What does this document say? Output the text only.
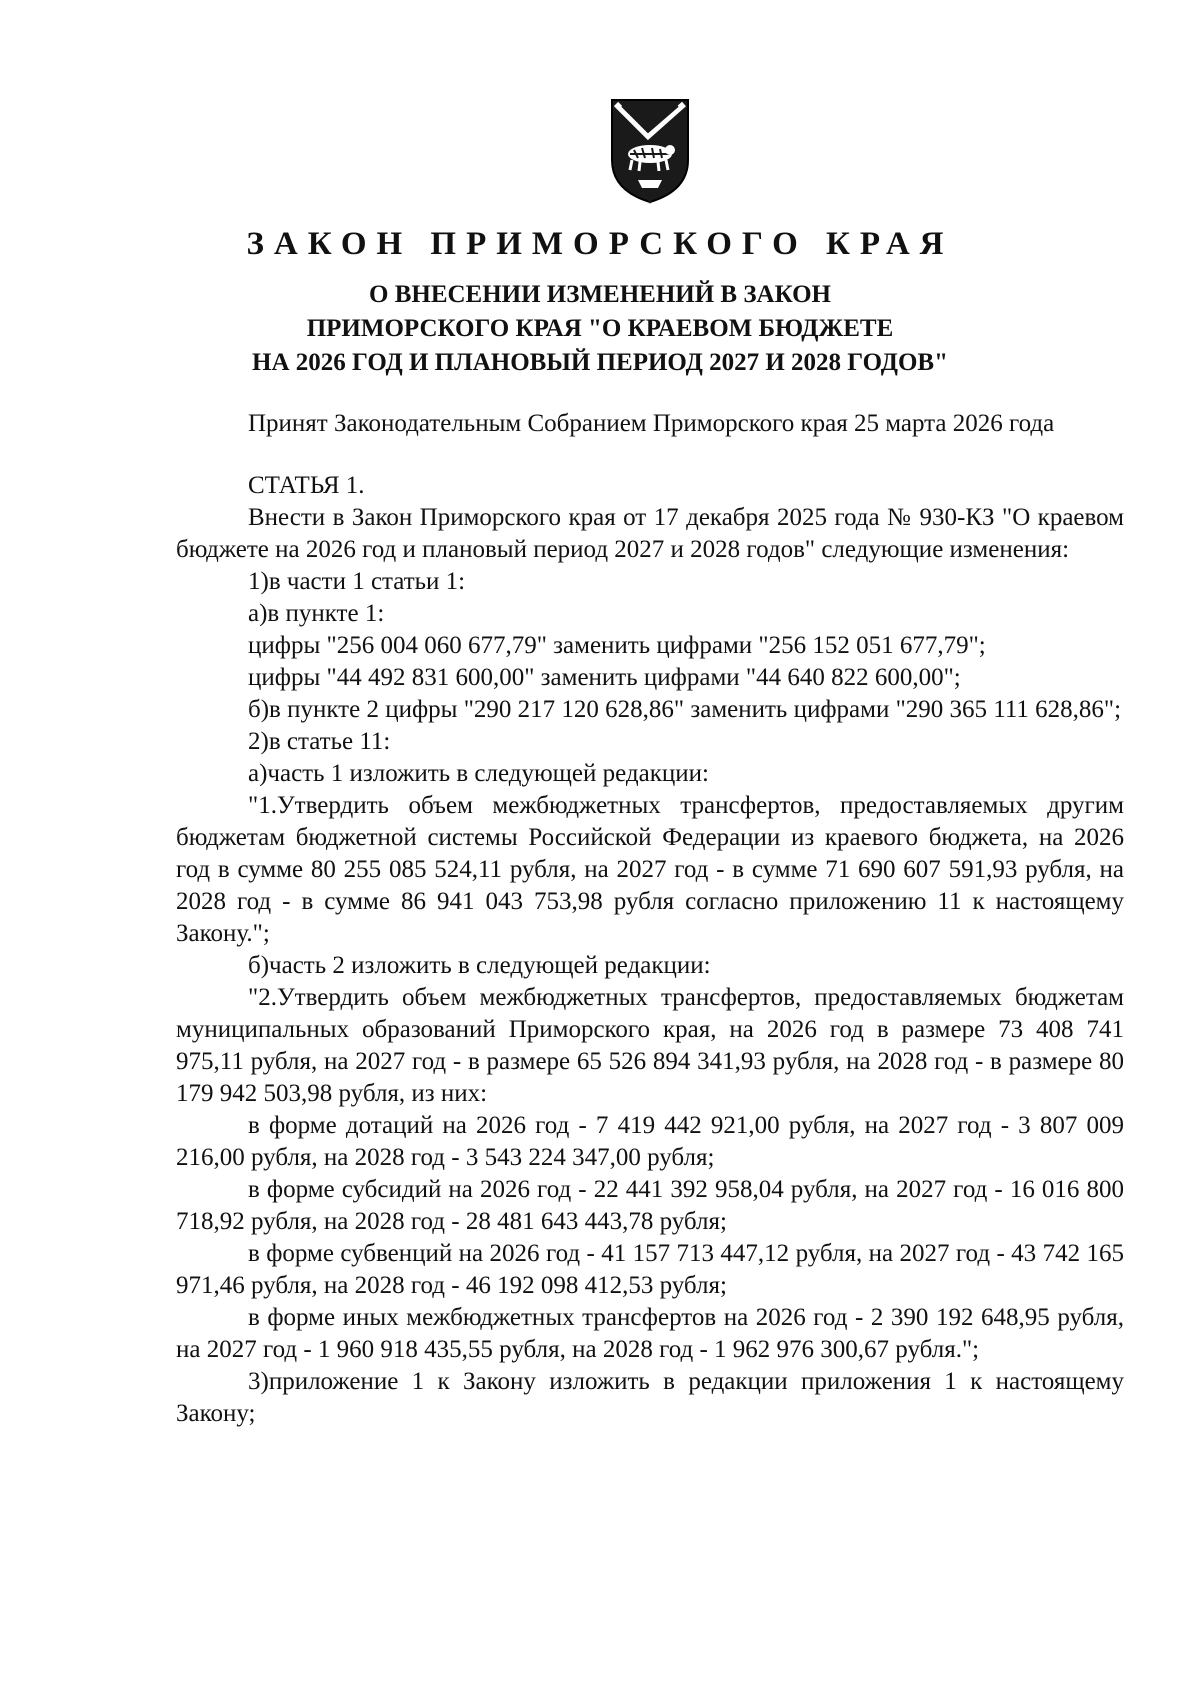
ЗАКОН ПРИМОРСКОГО КРАЯ
О ВНЕСЕНИИ ИЗМЕНЕНИЙ В ЗАКОН
ПРИМОРСКОГО КРАЯ "О КРАЕВОМ БЮДЖЕТЕ
НА 2026 ГОД И ПЛАНОВЫЙ ПЕРИОД 2027 И 2028 ГОДОВ"

Принят Законодательным Собранием Приморского края 25 марта 2026 года

СТАТЬЯ 1.

Внести в Закон Приморского края от 17 декабря 2025 года № 930-КЗ "О краевом бюджете на 2026 год и плановый период 2027 и 2028 годов" следующие изменения:

1)в части 1 статьи 1:

а)в пункте 1:

цифры "256 004 060 677,79" заменить цифрами "256 152 051 677,79";

цифры "44 492 831 600,00" заменить цифрами "44 640 822 600,00";

б)в пункте 2 цифры "290 217 120 628,86" заменить цифрами "290 365 111 628,86";

2)в статье 11:

а)часть 1 изложить в следующей редакции:

"1.Утвердить объем межбюджетных трансфертов, предоставляемых другим бюджетам бюджетной системы Российской Федерации из краевого бюджета, на 2026 год в сумме 80 255 085 524,11 рубля, на 2027 год - в сумме 71 690 607 591,93 рубля, на 2028 год - в сумме 86 941 043 753,98 рубля согласно приложению 11 к настоящему Закону.";

б)часть 2 изложить в следующей редакции:

"2.Утвердить объем межбюджетных трансфертов, предоставляемых бюджетам муниципальных образований Приморского края, на 2026 год в размере 73 408 741 975,11 рубля, на 2027 год - в размере 65 526 894 341,93 рубля, на 2028 год - в размере 80 179 942 503,98 рубля, из них:

в форме дотаций на 2026 год - 7 419 442 921,00 рубля, на 2027 год - 3 807 009 216,00 рубля, на 2028 год - 3 543 224 347,00 рубля;

в форме субсидий на 2026 год - 22 441 392 958,04 рубля, на 2027 год - 16 016 800 718,92 рубля, на 2028 год - 28 481 643 443,78 рубля;

в форме субвенций на 2026 год - 41 157 713 447,12 рубля, на 2027 год - 43 742 165 971,46 рубля, на 2028 год - 46 192 098 412,53 рубля;

в форме иных межбюджетных трансфертов на 2026 год - 2 390 192 648,95 рубля, на 2027 год - 1 960 918 435,55 рубля, на 2028 год - 1 962 976 300,67 рубля.";

3)приложение 1 к Закону изложить в редакции приложения 1 к настоящему Закону;
